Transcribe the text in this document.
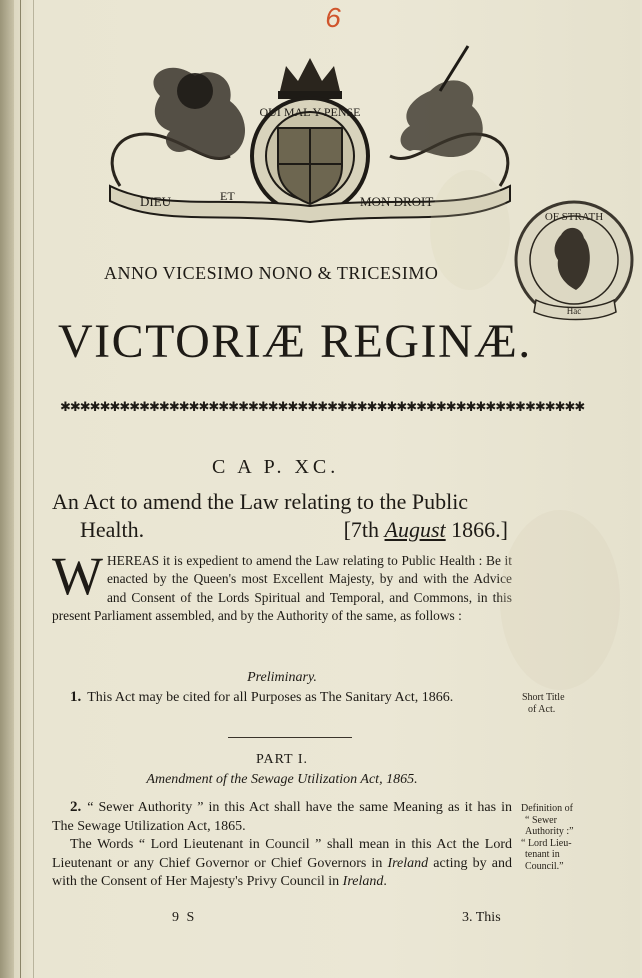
6
QUI MAL Y PENSE
DIEU	ET	MON DROIT
OF STRATH
Hac
ANNO VICESIMO NONO & TRICESIMO
VICTORIÆ REGINÆ.
✱✱✱✱✱✱✱✱✱✱✱✱✱✱✱✱✱✱✱✱✱✱✱✱✱✱✱✱✱✱✱✱✱✱✱✱✱✱✱✱✱✱✱✱✱✱✱✱✱✱✱✱✱
C A P. XC.
An Act to amend the Law relating to the Public
Health.	[7th August 1866.]
WHEREAS it is expedient to amend the Law relating to Public Health : Be it enacted by the Queen's most Excellent Majesty, by and with the Advice and Consent of the Lords Spiritual and Temporal, and Commons, in this present Parliament assembled, and by the Authority of the same, as follows :
Preliminary.
1. This Act may be cited for all Purposes as The Sanitary Act, 1866.	Short Title
of Act.
PART I.
Amendment of the Sewage Utilization Act, 1865.
2. “ Sewer Authority ” in this Act shall have the same Meaning as it has in The Sewage Utilization Act, 1865.
The Words “ Lord Lieutenant in Council ” shall mean in this Act the Lord Lieutenant or any Chief Governor or Chief Governors in Ireland acting by and with the Consent of Her Majesty's Privy Council in Ireland.
Definition of
“ Sewer
Authority :”
“ Lord Lieu-
tenant in
Council.”
9 S	3. This
